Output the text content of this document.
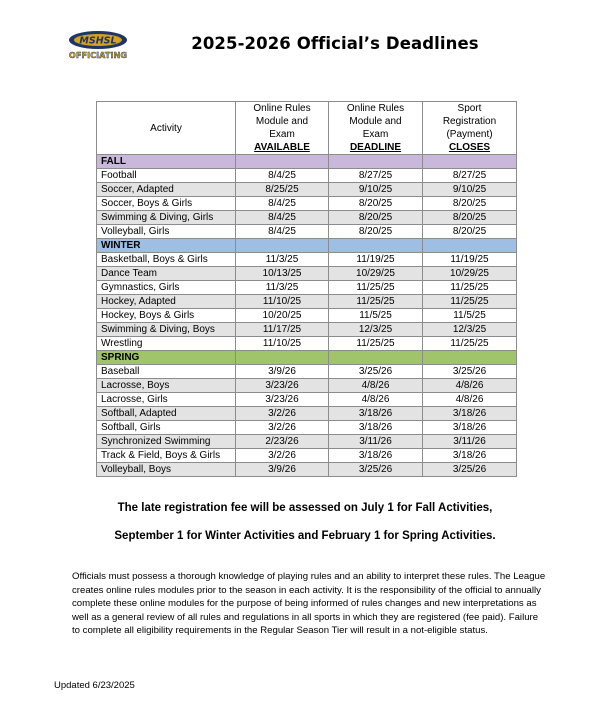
MSHSL
OFFICIATING
2025-2026 Official’s Deadlines
Activity	Online Rules
Module and
Exam
AVAILABLE	Online Rules
Module and
Exam
DEADLINE	Sport
Registration
(Payment)
CLOSES
FALL			
Football	8/4/25	8/27/25	8/27/25
Soccer, Adapted	8/25/25	9/10/25	9/10/25
Soccer, Boys & Girls	8/4/25	8/20/25	8/20/25
Swimming & Diving, Girls	8/4/25	8/20/25	8/20/25
Volleyball, Girls	8/4/25	8/20/25	8/20/25
WINTER			
Basketball, Boys & Girls	11/3/25	11/19/25	11/19/25
Dance Team	10/13/25	10/29/25	10/29/25
Gymnastics, Girls	11/3/25	11/25/25	11/25/25
Hockey, Adapted	11/10/25	11/25/25	11/25/25
Hockey, Boys & Girls	10/20/25	11/5/25	11/5/25
Swimming & Diving, Boys	11/17/25	12/3/25	12/3/25
Wrestling	11/10/25	11/25/25	11/25/25
SPRING			
Baseball	3/9/26	3/25/26	3/25/26
Lacrosse, Boys	3/23/26	4/8/26	4/8/26
Lacrosse, Girls	3/23/26	4/8/26	4/8/26
Softball, Adapted	3/2/26	3/18/26	3/18/26
Softball, Girls	3/2/26	3/18/26	3/18/26
Synchronized Swimming	2/23/26	3/11/26	3/11/26
Track & Field, Boys & Girls	3/2/26	3/18/26	3/18/26
Volleyball, Boys	3/9/26	3/25/26	3/25/26
The late registration fee will be assessed on July 1 for Fall Activities,
September 1 for Winter Activities and February 1 for Spring Activities.
Officials must possess a thorough knowledge of playing rules and an ability to interpret these rules. The League creates online rules modules prior to the season in each activity. It is the responsibility of the official to annually complete these online modules for the purpose of being informed of rules changes and new interpretations as well as a general review of all rules and regulations in all sports in which they are registered (fee paid). Failure to complete all eligibility requirements in the Regular Season Tier will result in a not-eligible status.
Updated 6/23/2025
